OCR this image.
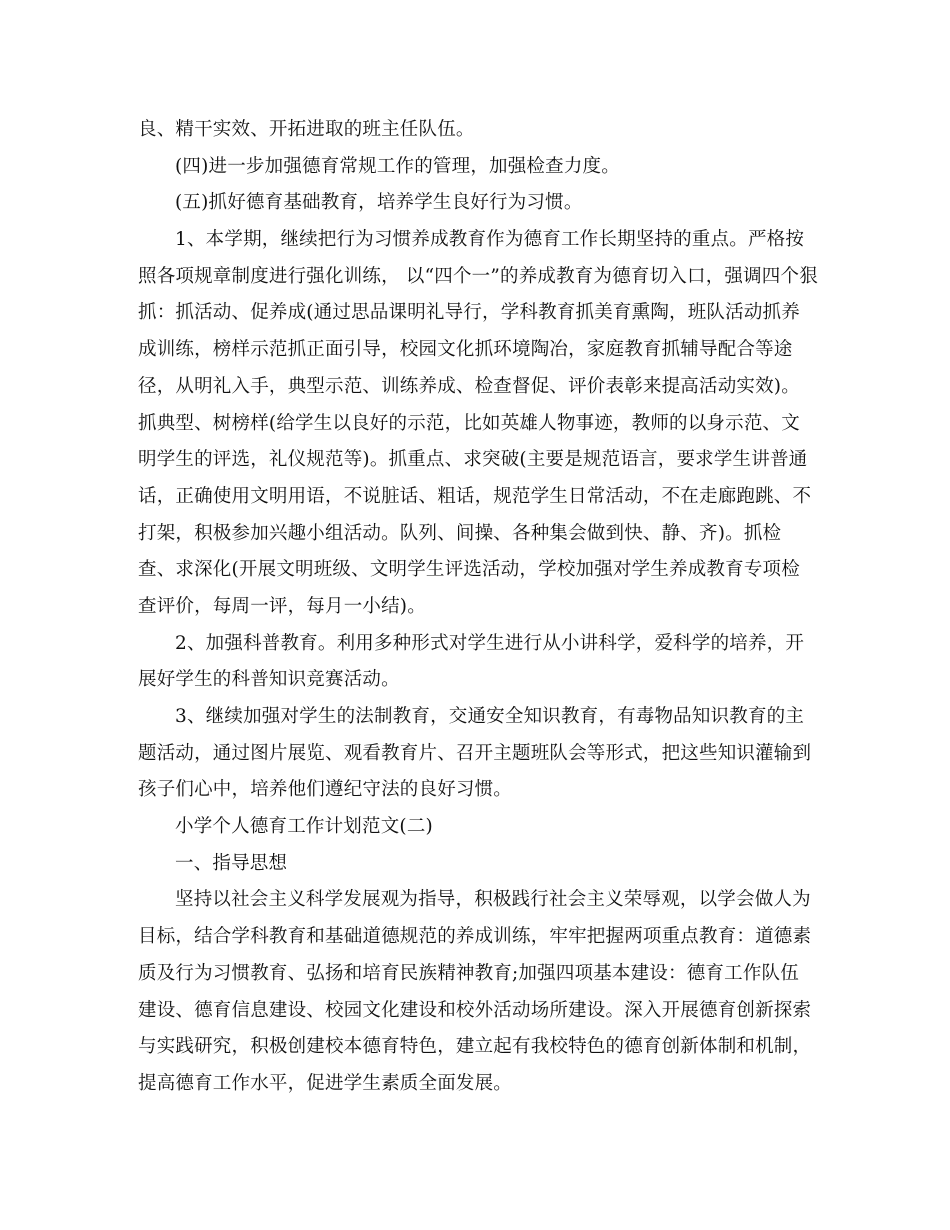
良、精干实效、开拓进取的班主任队伍。
(四)进一步加强德育常规工作的管理，加强检查力度。
(五)抓好德育基础教育，培养学生良好行为习惯。
1、本学期，继续把行为习惯养成教育作为德育工作长期坚持的重点。严格按
照各项规章制度进行强化训练， 以“四个一”的养成教育为德育切入口，强调四个狠
抓：抓活动、促养成(通过思品课明礼导行，学科教育抓美育熏陶，班队活动抓养
成训练，榜样示范抓正面引导，校园文化抓环境陶冶，家庭教育抓辅导配合等途
径，从明礼入手，典型示范、训练养成、检查督促、评价表彰来提高活动实效)。
抓典型、树榜样(给学生以良好的示范，比如英雄人物事迹，教师的以身示范、文
明学生的评选，礼仪规范等)。抓重点、求突破(主要是规范语言，要求学生讲普通
话，正确使用文明用语，不说脏话、粗话，规范学生日常活动，不在走廊跑跳、不
打架，积极参加兴趣小组活动。队列、间操、各种集会做到快、静、齐)。抓检
查、求深化(开展文明班级、文明学生评选活动，学校加强对学生养成教育专项检
查评价，每周一评，每月一小结)。
2、加强科普教育。利用多种形式对学生进行从小讲科学，爱科学的培养，开
展好学生的科普知识竞赛活动。
3、继续加强对学生的法制教育，交通安全知识教育，有毒物品知识教育的主
题活动，通过图片展览、观看教育片、召开主题班队会等形式，把这些知识灌输到
孩子们心中，培养他们遵纪守法的良好习惯。
小学个人德育工作计划范文(二)
一、指导思想
坚持以社会主义科学发展观为指导，积极践行社会主义荣辱观，以学会做人为
目标，结合学科教育和基础道德规范的养成训练，牢牢把握两项重点教育：道德素
质及行为习惯教育、弘扬和培育民族精神教育;加强四项基本建设：德育工作队伍
建设、德育信息建设、校园文化建设和校外活动场所建设。深入开展德育创新探索
与实践研究，积极创建校本德育特色，建立起有我校特色的德育创新体制和机制，
提高德育工作水平，促进学生素质全面发展。
